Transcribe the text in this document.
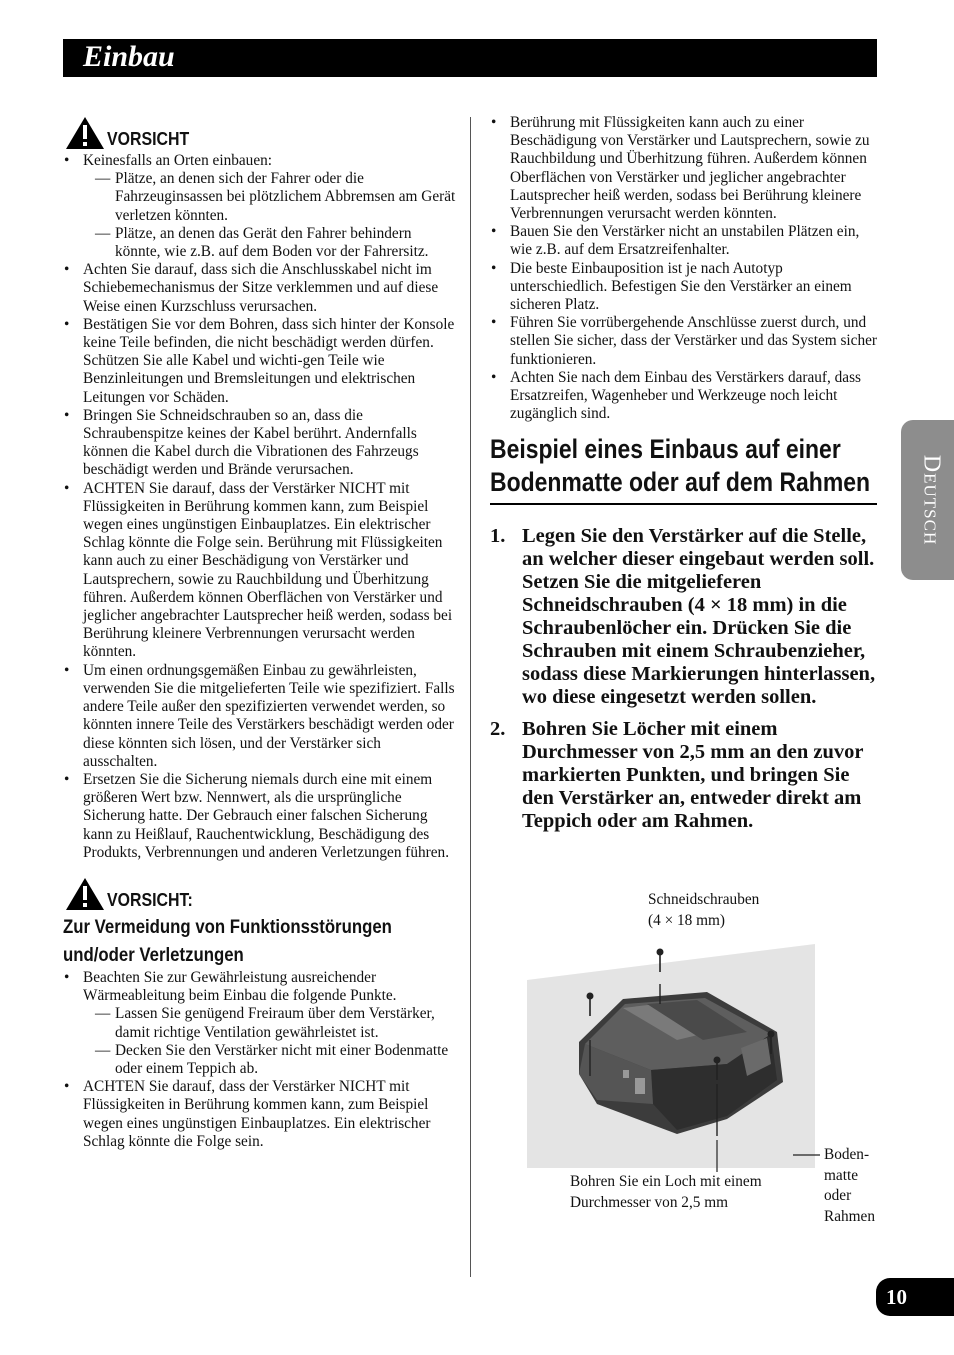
Einbau
VORSICHT
• Keinesfalls an Orten einbauen:
— Plätze, an denen sich der Fahrer oder die Fahrzeuginsassen bei plötzlichem Abbremsen am Gerät verletzen könnten.
— Plätze, an denen das Gerät den Fahrer behindern könnte, wie z.B. auf dem Boden vor der Fahrersitz.
• Achten Sie darauf, dass sich die Anschlusskabel nicht im Schiebemechanismus der Sitze verklemmen und auf diese Weise einen Kurzschluss verursachen.
• Bestätigen Sie vor dem Bohren, dass sich hinter der Konsole keine Teile befinden, die nicht beschädigt werden dürfen. Schützen Sie alle Kabel und wichti-gen Teile wie Benzinleitungen und Bremsleitungen und elektrischen Leitungen vor Schäden.
• Bringen Sie Schneidschrauben so an, dass die Schraubenspitze keines der Kabel berührt. Andernfalls können die Kabel durch die Vibrationen des Fahrzeugs beschädigt werden und Brände verursachen.
• ACHTEN Sie darauf, dass der Verstärker NICHT mit Flüssigkeiten in Berührung kommen kann, zum Beispiel wegen eines ungünstigen Einbauplatzes. Ein elektrischer Schlag könnte die Folge sein. Berührung mit Flüssigkeiten kann auch zu einer Beschädigung von Verstärker und Lautsprechern, sowie zu Rauchbildung und Überhitzung führen. Außerdem können Oberflächen von Verstärker und jeglicher angebrachter Lautsprecher heiß werden, sodass bei Berührung kleinere Verbrennungen verursacht werden könnten.
• Um einen ordnungsgemäßen Einbau zu gewährleisten, verwenden Sie die mitgelieferten Teile wie spezifiziert. Falls andere Teile außer den spezifizierten verwendet werden, so könnten innere Teile des Verstärkers beschädigt werden oder diese könnten sich lösen, und der Verstärker sich ausschalten.
• Ersetzen Sie die Sicherung niemals durch eine mit einem größeren Wert bzw. Nennwert, als die ursprüngliche Sicherung hatte. Der Gebrauch einer falschen Sicherung kann zu Heißlauf, Rauchentwicklung, Beschädigung des Produkts, Verbrennungen und anderen Verletzungen führen.
VORSICHT:
Zur Vermeidung von Funktionsstörungen und/oder Verletzungen
• Beachten Sie zur Gewährleistung ausreichender Wärmeableitung beim Einbau die folgende Punkte.
— Lassen Sie genügend Freiraum über dem Verstärker, damit richtige Ventilation gewährleistet ist.
— Decken Sie den Verstärker nicht mit einer Bodenmatte oder einem Teppich ab.
• ACHTEN Sie darauf, dass der Verstärker NICHT mit Flüssigkeiten in Berührung kommen kann, zum Beispiel wegen eines ungünstigen Einbauplatzes. Ein elektrischer Schlag könnte die Folge sein.
• Berührung mit Flüssigkeiten kann auch zu einer Beschädigung von Verstärker und Lautsprechern, sowie zu Rauchbildung und Überhitzung führen. Außerdem können Oberflächen von Verstärker und jeglicher angebrachter Lautsprecher heiß werden, sodass bei Berührung kleinere Verbrennungen verursacht werden könnten.
• Bauen Sie den Verstärker nicht an unstabilen Plätzen ein, wie z.B. auf dem Ersatzreifenhalter.
• Die beste Einbauposition ist je nach Autotyp unterschiedlich. Befestigen Sie den Verstärker an einem sicheren Platz.
• Führen Sie vorrübergehende Anschlüsse zuerst durch, und stellen Sie sicher, dass der Verstärker und das System sicher funktionieren.
• Achten Sie nach dem Einbau des Verstärkers darauf, dass Ersatzreifen, Wagenheber und Werkzeuge noch leicht zugänglich sind.
Beispiel eines Einbaus auf einer Bodenmatte oder auf dem Rahmen
1. Legen Sie den Verstärker auf die Stelle, an welcher dieser eingebaut werden soll. Setzen Sie die mitgelieferen Schneidschrauben (4 × 18 mm) in die Schraubenlöcher ein. Drücken Sie die Schrauben mit einem Schraubenzieher, sodass diese Markierungen hinterlassen, wo diese eingesetzt werden sollen.
2. Bohren Sie Löcher mit einem Durchmesser von 2,5 mm an den zuvor markierten Punkten, und bringen Sie den Verstärker an, entweder direkt am Teppich oder am Rahmen.
Schneidschrauben
(4 × 18 mm)
Bohren Sie ein Loch mit einem
Durchmesser von 2,5 mm
Boden-
matte
oder
Rahmen
Deutsch
10
